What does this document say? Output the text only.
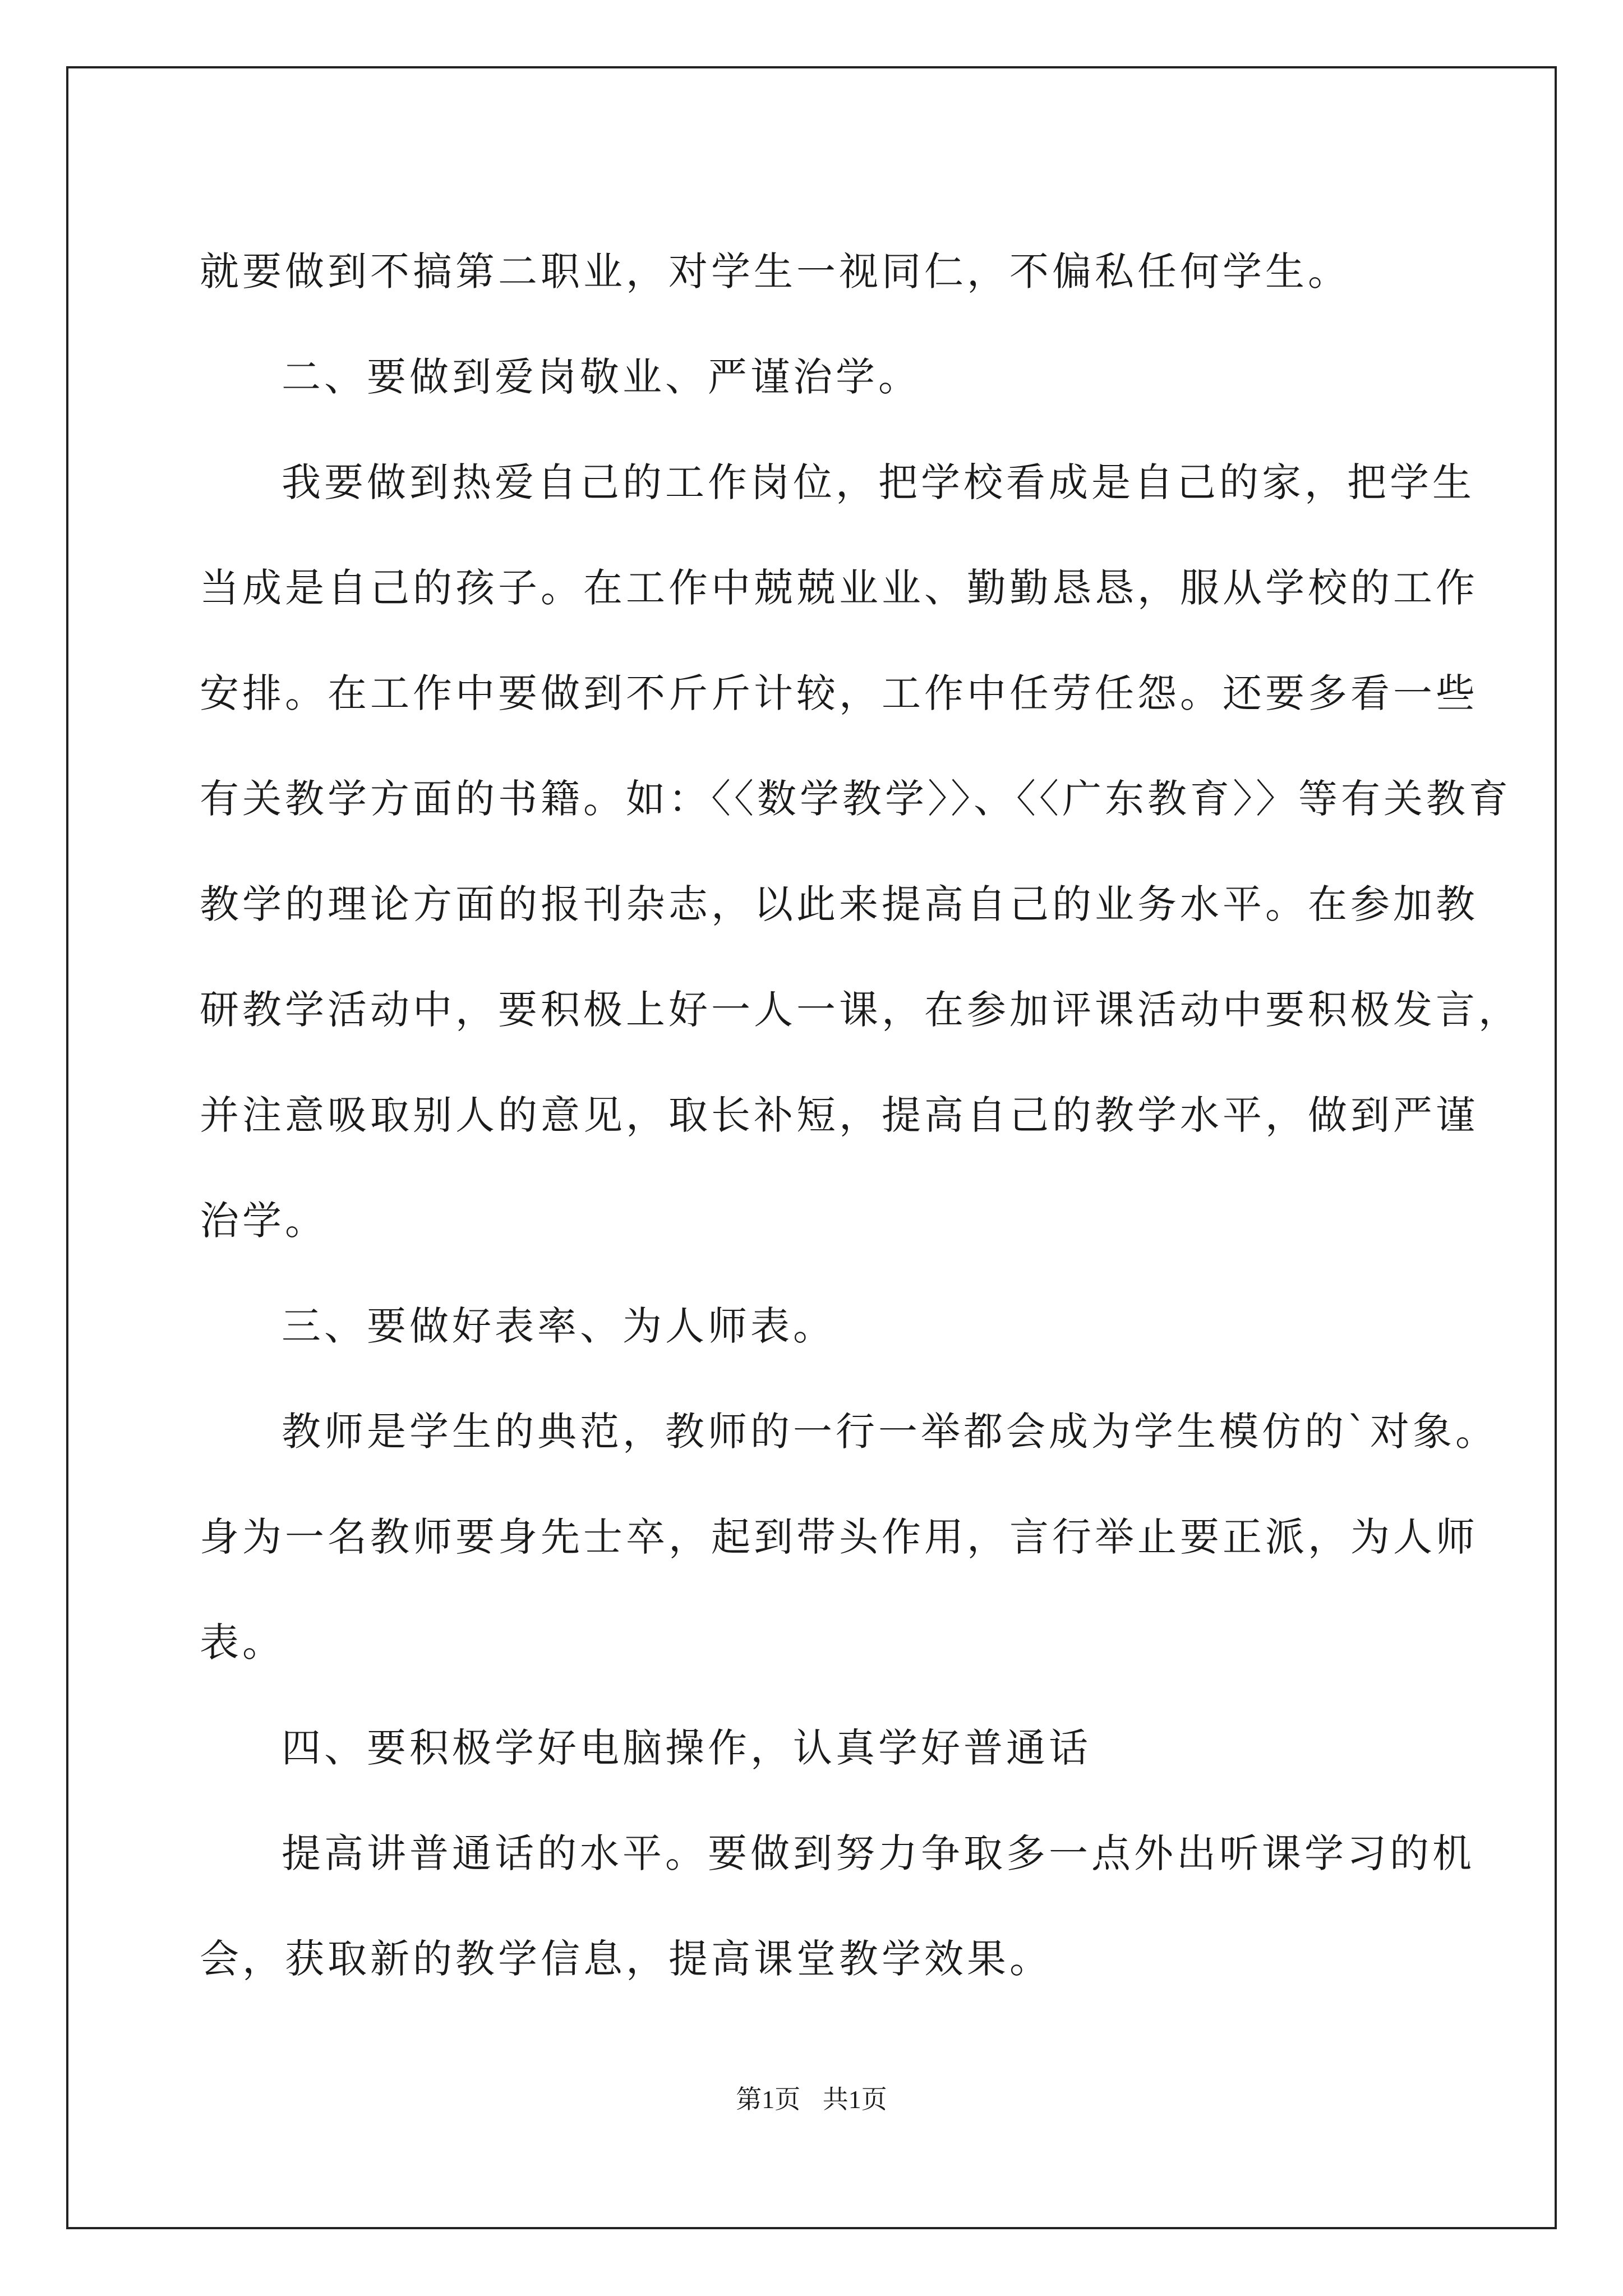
就要做到不搞第二职业，对学生一视同仁，不偏私任何学生。
二、要做到爱岗敬业、严谨治学。
我要做到热爱自己的工作岗位，把学校看成是自己的家，把学生
当成是自己的孩子。在工作中兢兢业业、勤勤恳恳，服从学校的工作
安排。在工作中要做到不斤斤计较，工作中任劳任怨。还要多看一些
有关教学方面的书籍。如：〈〈数学教学〉〉、〈〈广东教育〉〉等有关教育
教学的理论方面的报刊杂志，以此来提高自己的业务水平。在参加教
研教学活动中，要积极上好一人一课，在参加评课活动中要积极发言，
并注意吸取别人的意见，取长补短，提高自己的教学水平，做到严谨
治学。
三、要做好表率、为人师表。
教师是学生的典范，教师的一行一举都会成为学生模仿的`对象。
身为一名教师要身先士卒，起到带头作用，言行举止要正派，为人师
表。
四、要积极学好电脑操作，认真学好普通话
提高讲普通话的水平。要做到努力争取多一点外出听课学习的机
会，获取新的教学信息，提高课堂教学效果。
第1页 共1页
